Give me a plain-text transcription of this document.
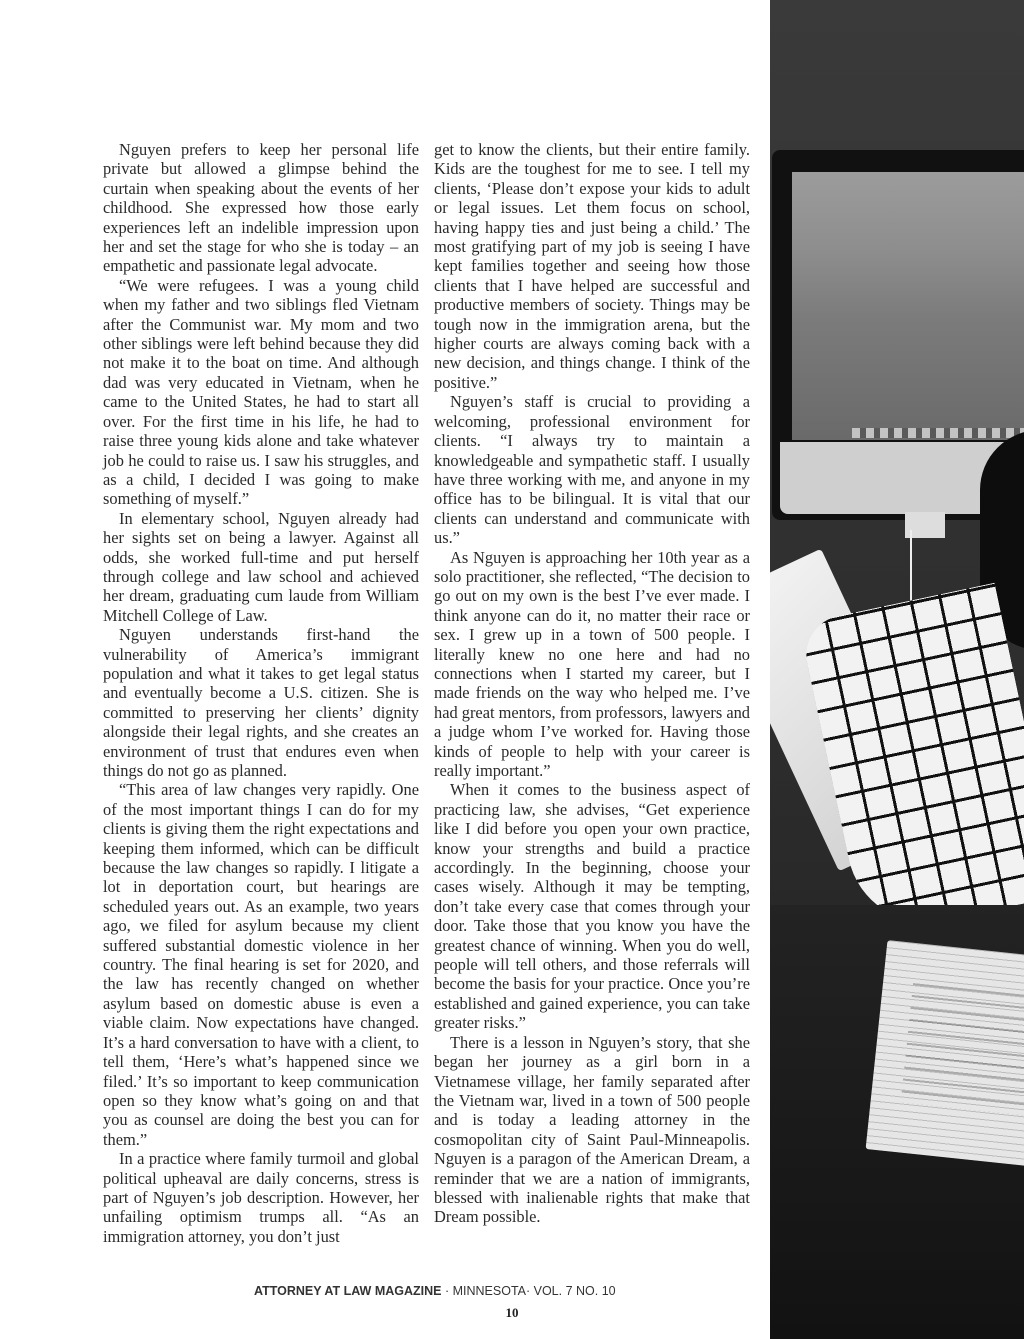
Nguyen prefers to keep her personal life private but allowed a glimpse behind the curtain when speaking about the events of her childhood. She expressed how those early experiences left an indelible impression upon her and set the stage for who she is today – an empathetic and passionate legal advocate.

“We were refugees. I was a young child when my father and two siblings fled Vietnam after the Communist war. My mom and two other siblings were left behind because they did not make it to the boat on time. And although dad was very educated in Vietnam, when he came to the United States, he had to start all over. For the first time in his life, he had to raise three young kids alone and take whatever job he could to raise us. I saw his struggles, and as a child, I decided I was going to make something of myself.”

In elementary school, Nguyen already had her sights set on being a lawyer. Against all odds, she worked full-time and put herself through college and law school and achieved her dream, graduating cum laude from William Mitchell College of Law.

Nguyen understands first-hand the vulnerability of America’s immigrant population and what it takes to get legal status and eventually become a U.S. citizen. She is committed to preserving her clients’ dignity alongside their legal rights, and she creates an environment of trust that endures even when things do not go as planned.

“This area of law changes very rapidly. One of the most important things I can do for my clients is giving them the right expectations and keeping them informed, which can be difficult because the law changes so rapidly. I litigate a lot in deportation court, but hearings are scheduled years out. As an example, two years ago, we filed for asylum because my client suffered substantial domestic violence in her country. The final hearing is set for 2020, and the law has recently changed on whether asylum based on domestic abuse is even a viable claim. Now expectations have changed. It’s a hard conversation to have with a client, to tell them, ‘Here’s what’s happened since we filed.’ It’s so important to keep communication open so they know what’s going on and that you as counsel are doing the best you can for them.”

In a practice where family turmoil and global political upheaval are daily concerns, stress is part of Nguyen’s job description. However, her unfailing optimism trumps all. “As an immigration attorney, you don’t just

get to know the clients, but their entire family. Kids are the toughest for me to see. I tell my clients, ‘Please don’t expose your kids to adult or legal issues. Let them focus on school, having happy ties and just being a child.’ The most gratifying part of my job is seeing I have kept families together and seeing how those clients that I have helped are successful and productive members of society. Things may be tough now in the immigration arena, but the higher courts are always coming back with a new decision, and things change. I think of the positive.”

Nguyen’s staff is crucial to providing a welcoming, professional environment for clients. “I always try to maintain a knowledgeable and sympathetic staff. I usually have three working with me, and anyone in my office has to be bilingual. It is vital that our clients can understand and communicate with us.”

As Nguyen is approaching her 10th year as a solo practitioner, she reflected, “The decision to go out on my own is the best I’ve ever made. I think anyone can do it, no matter their race or sex. I grew up in a town of 500 people. I literally knew no one here and had no connections when I started my career, but I made friends on the way who helped me. I’ve had great mentors, from professors, lawyers and a judge whom I’ve worked for. Having those kinds of people to help with your career is really important.”

When it comes to the business aspect of practicing law, she advises, “Get experience like I did before you open your own practice, know your strengths and build a practice accordingly. In the beginning, choose your cases wisely. Although it may be tempting, don’t take every case that comes through your door. Take those that you know you have the greatest chance of winning. When you do well, people will tell others, and those referrals will become the basis for your practice. Once you’re established and gained experience, you can take greater risks.”

There is a lesson in Nguyen’s story, that she began her journey as a girl born in a Vietnamese village, her family separated after the Vietnam war, lived in a town of 500 people and is today a leading attorney in the cosmopolitan city of Saint Paul-Minneapolis. Nguyen is a paragon of the American Dream, a reminder that we are a nation of immigrants, blessed with inalienable rights that make that Dream possible.

ATTORNEY AT LAW MAGAZINE · MINNESOTA· VOL. 7 NO. 10
10
